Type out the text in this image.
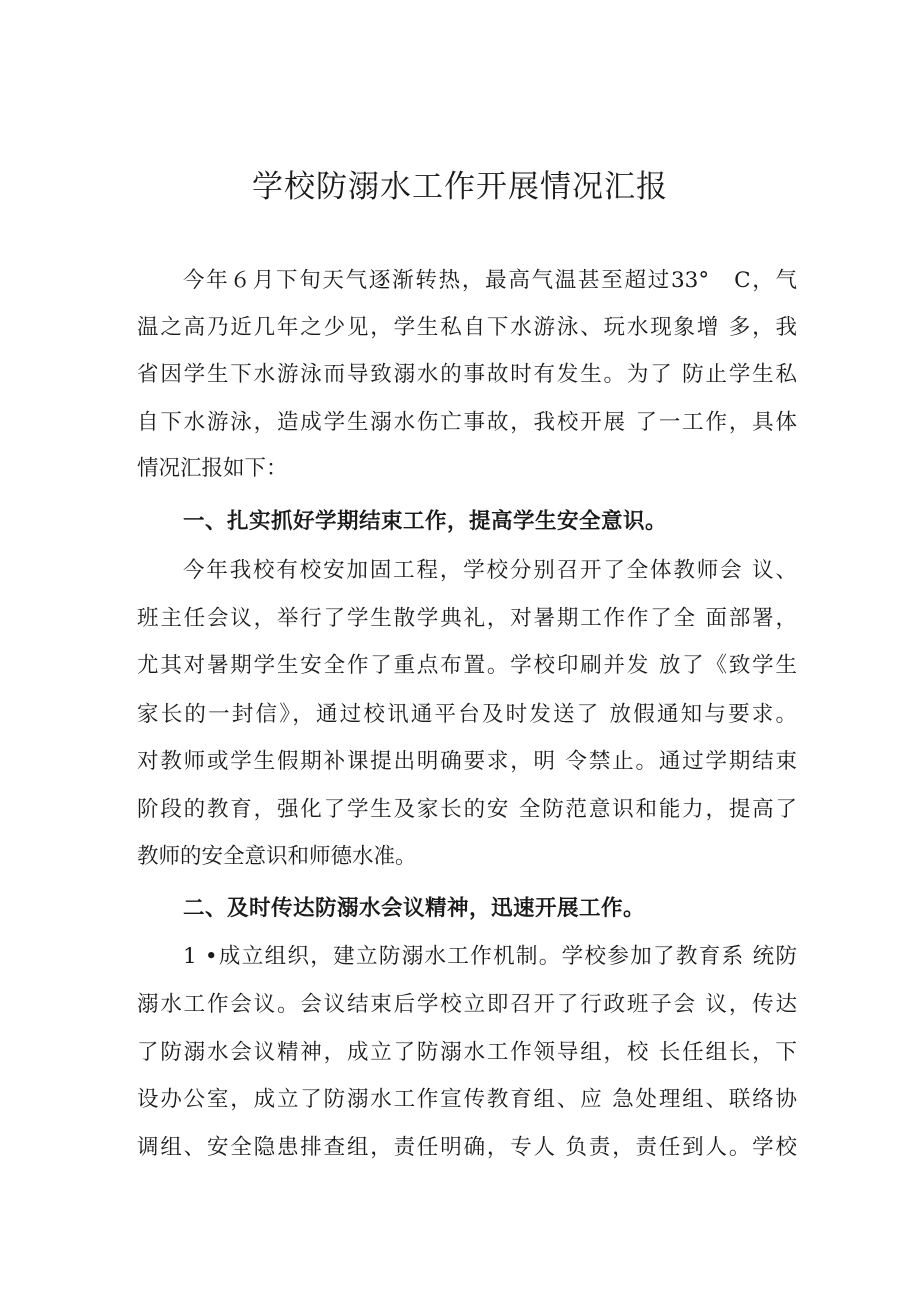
学校防溺水工作开展情况汇报
今年６月下旬天气逐渐转热，最高气温甚至超过33°　C，气
温之高乃近几年之少见，学生私自下水游泳、玩水现象增 多，我
省因学生下水游泳而导致溺水的事故时有发生。为了 防止学生私
自下水游泳，造成学生溺水伤亡事故，我校开展 了一工作，具体
情况汇报如下：
一、扎实抓好学期结束工作，提高学生安全意识。
今年我校有校安加固工程，学校分别召开了全体教师会 议、
班主任会议，举行了学生散学典礼，对暑期工作作了全 面部署，
尤其对暑期学生安全作了重点布置。学校印刷并发 放了《致学生
家长的一封信》，通过校讯通平台及时发送了 放假通知与要求。
对教师或学生假期补课提出明确要求，明 令禁止。通过学期结束
阶段的教育，强化了学生及家长的安 全防范意识和能力，提高了
教师的安全意识和师德水准。
二、及时传达防溺水会议精神，迅速开展工作。
1 •成立组织，建立防溺水工作机制。学校参加了教育系 统防
溺水工作会议。会议结束后学校立即召开了行政班子会 议，传达
了防溺水会议精神，成立了防溺水工作领导组，校 长任组长，下
设办公室，成立了防溺水工作宣传教育组、应 急处理组、联络协
调组、安全隐患排查组，责任明确，专人 负责，责任到人。学校
